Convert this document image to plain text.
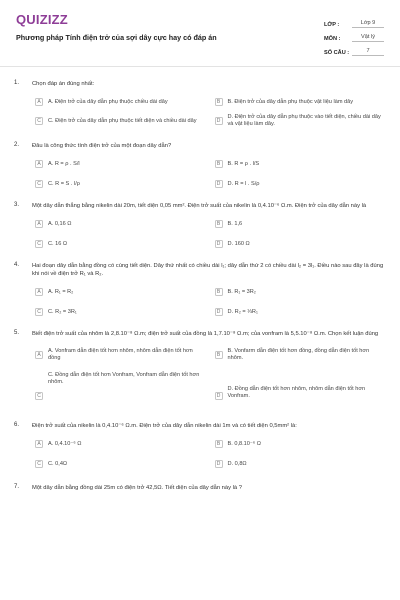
QUIZIZZ
Phương pháp Tính điện trở của sợi dây cực hay có đáp án
LỚP :	Lớp 9
MÔN :	Vật lý
SỐ CÂU :	7
1.	Chọn đáp án đúng nhất:
A	A. Điện trở của dây dẫn phụ thuộc chiều dài dây	B	B. Điện trở của dây dẫn phụ thuộc vật liệu làm dây
C	C. Điện trở của dây dẫn phụ thuộc tiết diện và chiều dài dây	D
D. Điện trở của dây dẫn phụ thuộc vào tiết diện, chiều dài dây và vật liệu làm dây.
2.	Đâu là công thức tính điện trở của một đoạn dây dẫn?
A	A. R = ρ . S/l	B	B. R = ρ . l/S
C	C. R = S . l/ρ	D	D. R = l . S/ρ
3.	Một dây dẫn thẳng bằng nikelin dài 20m, tiết diện 0,05 mm². Điện trở suất của nikelin là 0,4.10⁻⁶ Ω.m. Điện trở của dây dẫn này là
A	A. 0,16 Ω	B	B. 1,6
C	C. 16 Ω	D	D. 160 Ω
4.	Hai đoạn dây dẫn bằng đồng có cùng tiết diện. Dây thứ nhất có chiều dài l₁; dây dẫn thứ 2 có chiều dài l₂ = 3l₁. Điều nào sau đây là đúng khi nói về điện trở R₁ và R₂.
A	A. R₁ = R₂	B	B. R₁ = 3R₂
C	C. R₂ = 3R₁	D	D. R₂ = ⅓R₁
5.	Biết điện trở suất của nhôm là 2,8.10⁻⁸ Ω.m; điện trở suất của đồng là 1,7.10⁻⁸ Ω.m; của vonfram là 5,5.10⁻⁸ Ω.m. Chọn kết luận đúng
A
A. Vonfram dẫn điện tốt hơn nhôm, nhôm dẫn điện tốt hơn đồng
B
B. Vonfarm dẫn điện tốt hơn đồng, đồng dẫn điện tốt hơn nhôm.
C. Đồng dẫn điện tốt hơn Vonfram, Vonfram dẫn điện tốt hơn nhôm.
C	D
D. Đồng dẫn điện tốt hơn nhôm, nhôm dẫn điện tốt hơn Vonfram.
6.	Điện trở suất của nikelin là 0,4.10⁻⁶ Ω.m. Điện trở của dây dẫn nikelin dài 1m và có tiết diện 0,5mm² là:
A	A. 0,4.10⁻⁶ Ω	B	B. 0,8.10⁻⁶ Ω
C	C. 0,4Ω	D	D. 0,8Ω
7.	Một dây dẫn bằng đồng dài 25m có điện trở 42,5Ω. Tiết diện của dây dẫn này là ?
